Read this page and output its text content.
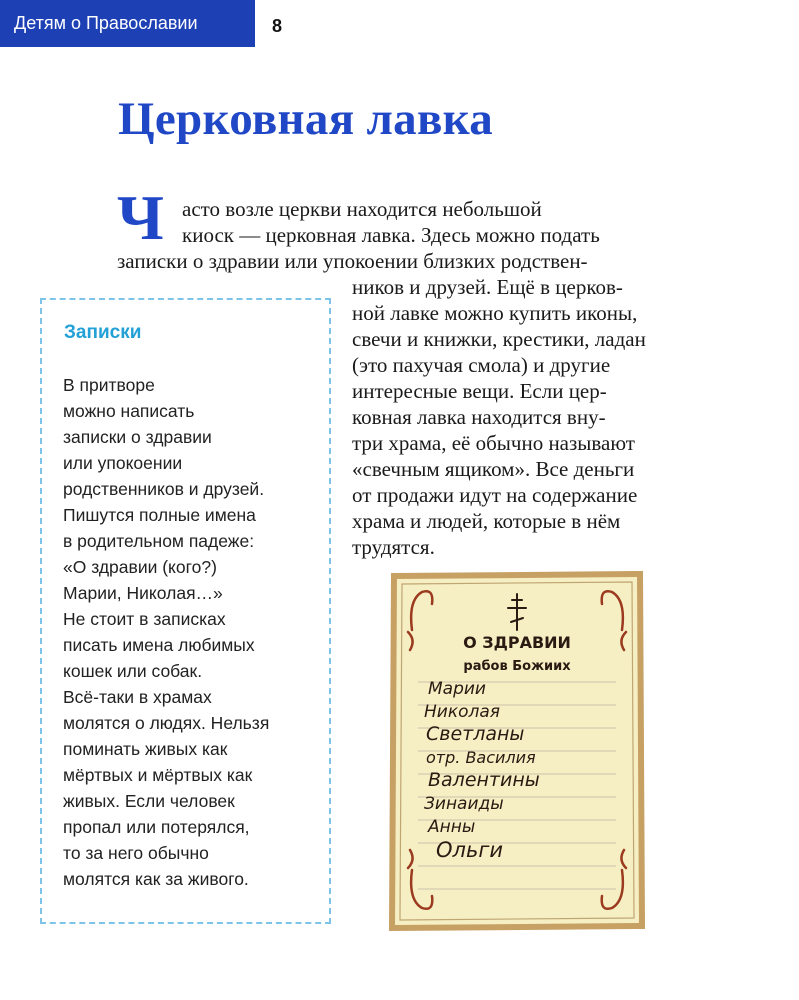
Детям о Православии	8
Церковная лавка
Ч асто возле церкви находится небольшой
киоск — церковная лавка. Здесь можно подать
записки о здравии или упокоении близких родствен-
ников и друзей. Ещё в церков-
ной лавке можно купить иконы,
свечи и книжки, крестики, ладан
(это пахучая смола) и другие
интересные вещи. Если цер-
ковная лавка находится вну-
три храма, её обычно называют
«свечным ящиком». Все деньги
от продажи идут на содержание
храма и людей, которые в нём
трудятся.
Записки
В притворе
можно написать
записки о здравии
или упокоении
родственников и друзей.
Пишутся полные имена
в родительном падеже:
«О здравии (кого?)
Марии, Николая…»
Не стоит в записках
писать имена любимых
кошек или собак.
Всё-таки в храмах
молятся о людях. Нельзя
поминать живых как
мёртвых и мёртвых как
живых. Если человек
пропал или потерялся,
то за него обычно
молятся как за живого.
О ЗДРАВИИ
рабов Божиих
Марии
Николая
Светланы
отр. Василия
Валентины
Зинаиды
Анны
Ольги
